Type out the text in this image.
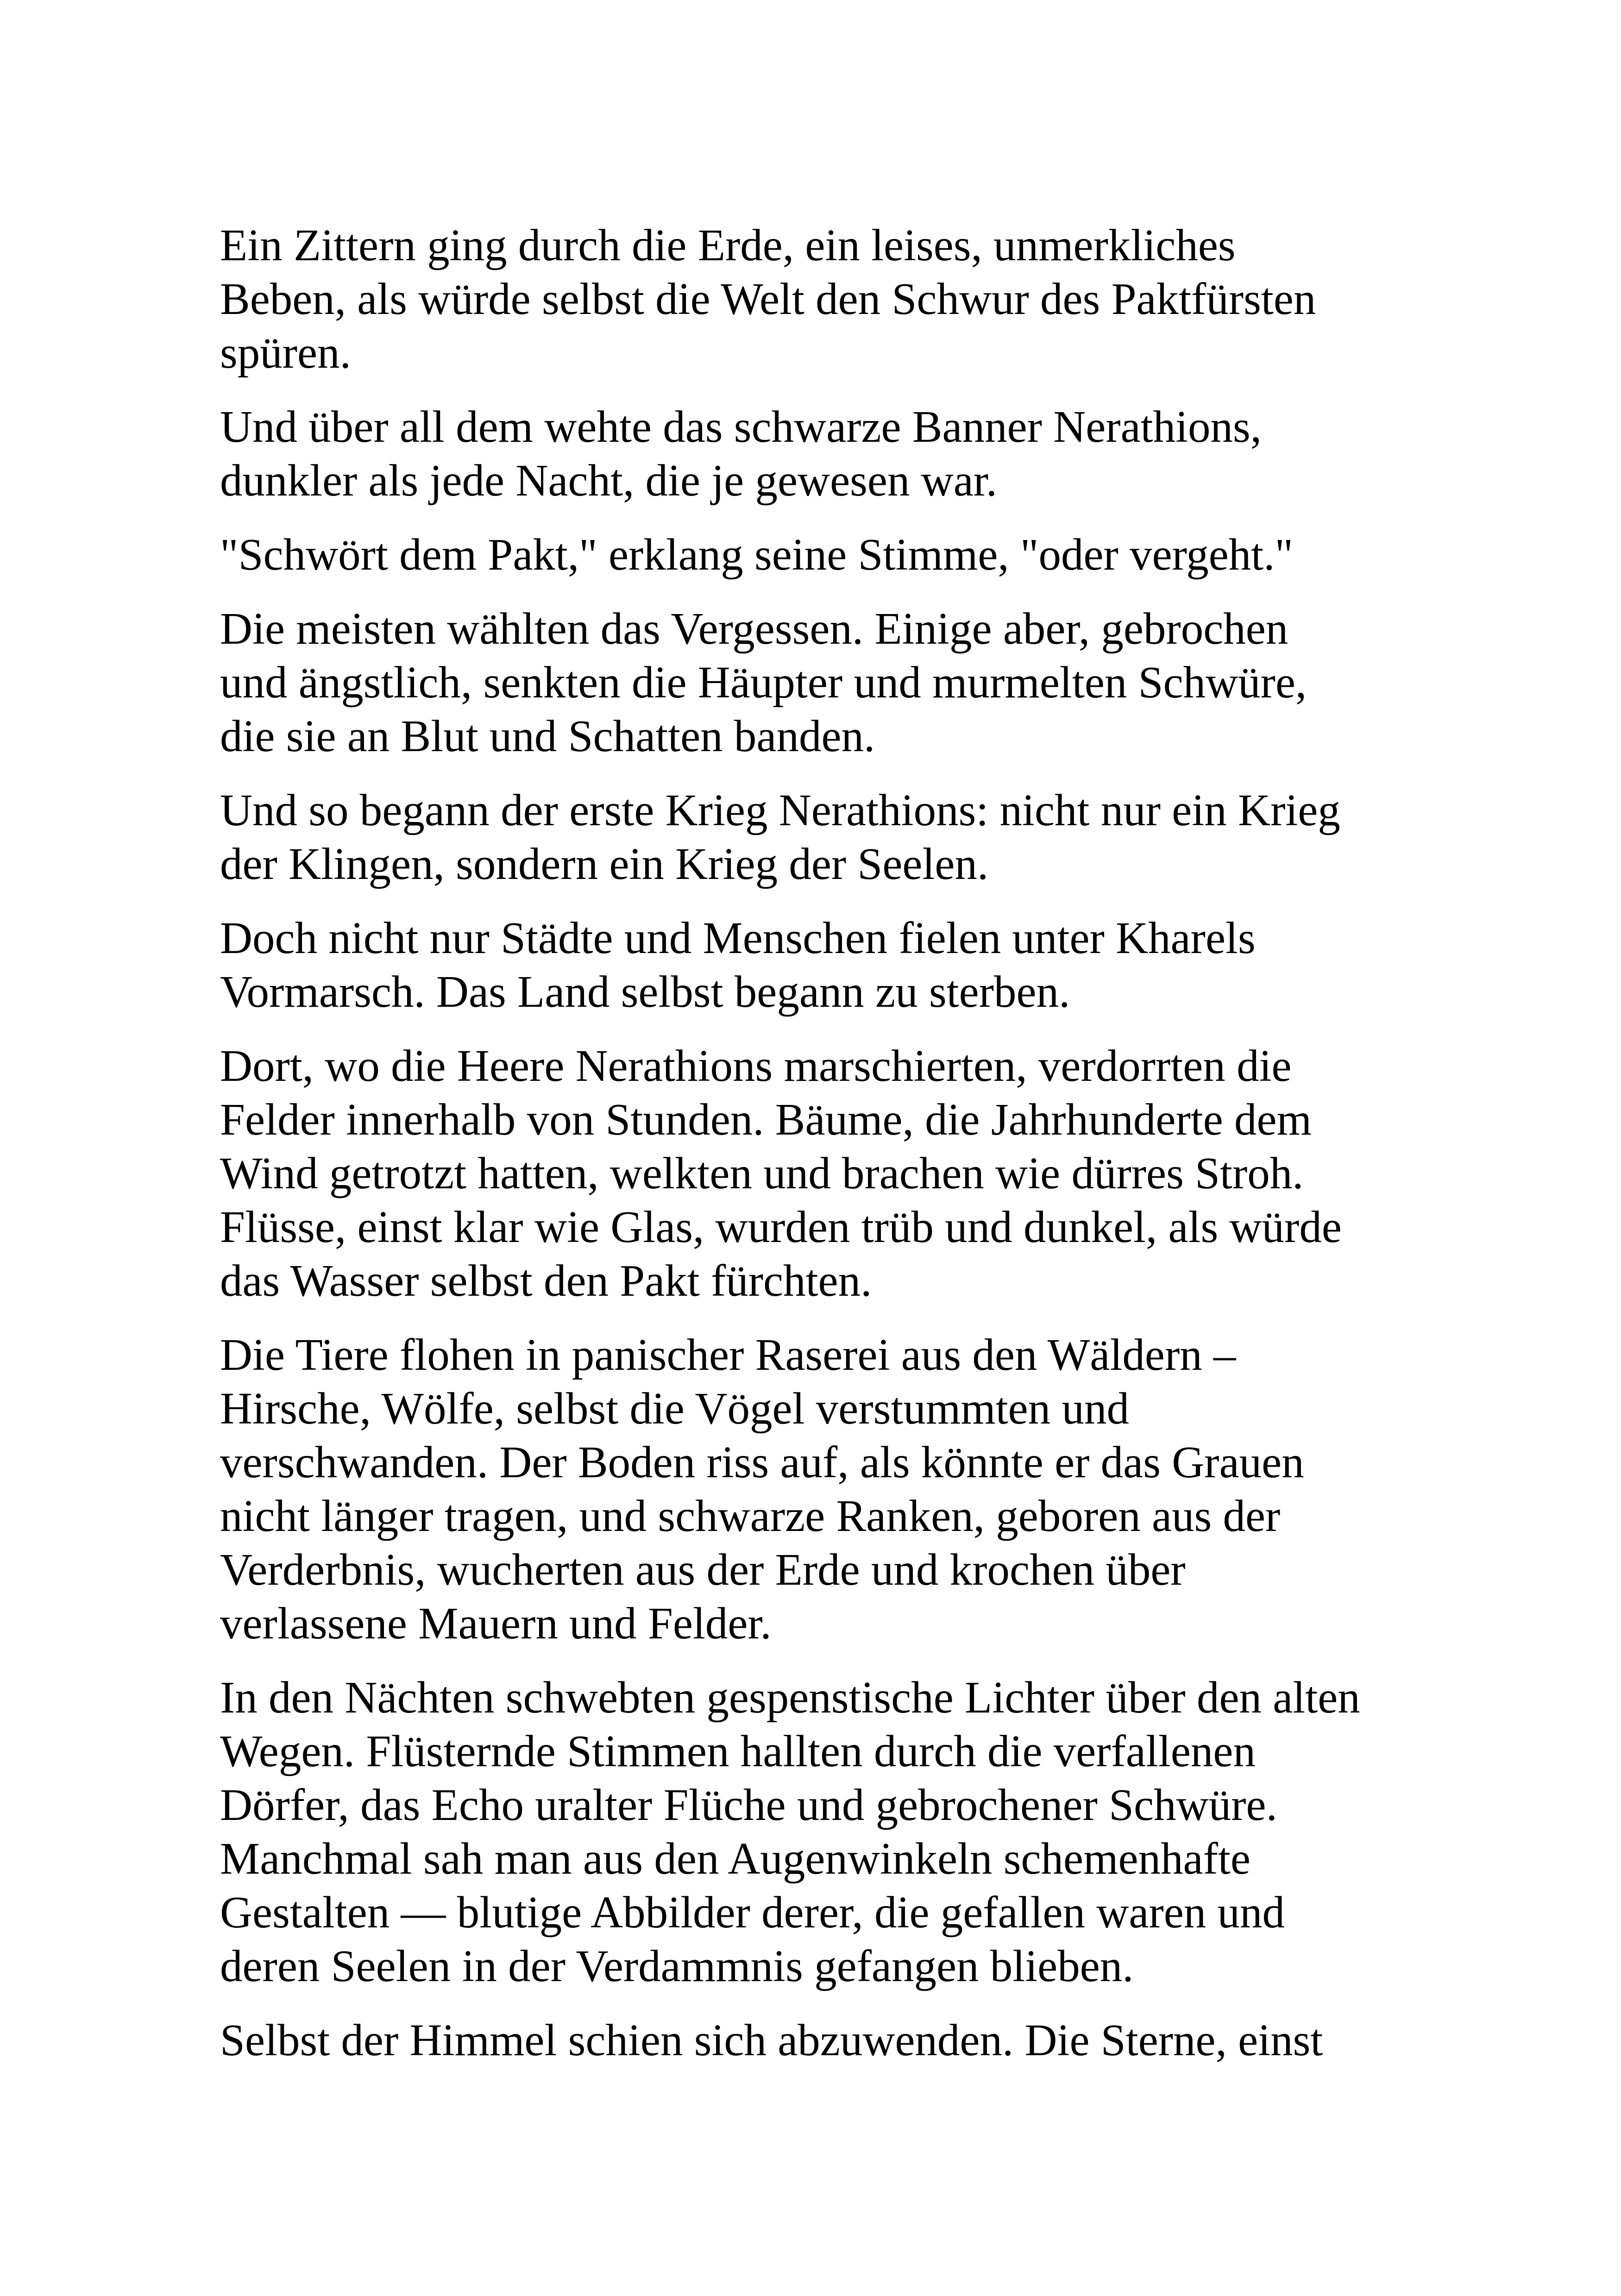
Ein Zittern ging durch die Erde, ein leises, unmerkliches
Beben, als würde selbst die Welt den Schwur des Paktfürsten
spüren.

Und über all dem wehte das schwarze Banner Nerathions,
dunkler als jede Nacht, die je gewesen war.

"Schwört dem Pakt," erklang seine Stimme, "oder vergeht."

Die meisten wählten das Vergessen. Einige aber, gebrochen
und ängstlich, senkten die Häupter und murmelten Schwüre,
die sie an Blut und Schatten banden.

Und so begann der erste Krieg Nerathions: nicht nur ein Krieg
der Klingen, sondern ein Krieg der Seelen.

Doch nicht nur Städte und Menschen fielen unter Kharels
Vormarsch. Das Land selbst begann zu sterben.

Dort, wo die Heere Nerathions marschierten, verdorrten die
Felder innerhalb von Stunden. Bäume, die Jahrhunderte dem
Wind getrotzt hatten, welkten und brachen wie dürres Stroh.
Flüsse, einst klar wie Glas, wurden trüb und dunkel, als würde
das Wasser selbst den Pakt fürchten.

Die Tiere flohen in panischer Raserei aus den Wäldern –
Hirsche, Wölfe, selbst die Vögel verstummten und
verschwanden. Der Boden riss auf, als könnte er das Grauen
nicht länger tragen, und schwarze Ranken, geboren aus der
Verderbnis, wucherten aus der Erde und krochen über
verlassene Mauern und Felder.

In den Nächten schwebten gespenstische Lichter über den alten
Wegen. Flüsternde Stimmen hallten durch die verfallenen
Dörfer, das Echo uralter Flüche und gebrochener Schwüre.
Manchmal sah man aus den Augenwinkeln schemenhafte
Gestalten — blutige Abbilder derer, die gefallen waren und
deren Seelen in der Verdammnis gefangen blieben.

Selbst der Himmel schien sich abzuwenden. Die Sterne, einst
